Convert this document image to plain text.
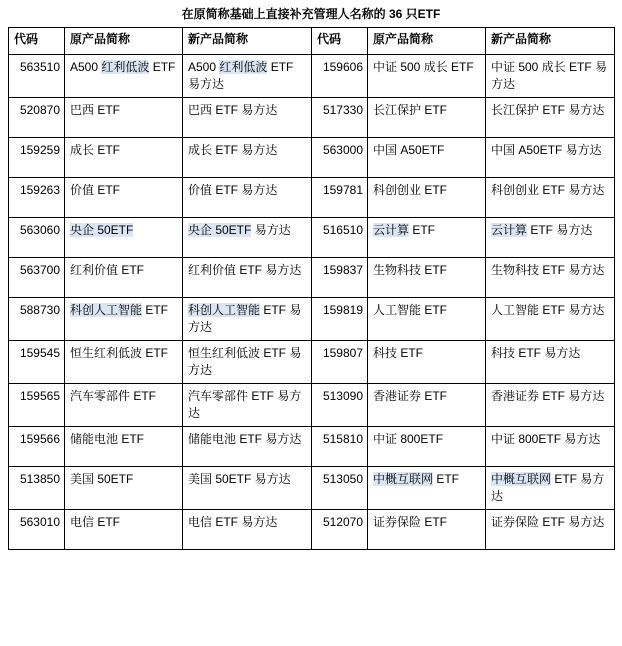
在原简称基础上直接补充管理人名称的 36 只ETF
代码	原产品简称	新产品简称	代码	原产品简称	新产品简称
563510	A500 红利低波 ETF	A500 红利低波 ETF 易方达	159606	中证 500 成长 ETF	中证 500 成长 ETF 易方达
520870	巴西 ETF	巴西 ETF 易方达	517330	长江保护 ETF	长江保护 ETF 易方达
159259	成长 ETF	成长 ETF 易方达	563000	中国 A50ETF	中国 A50ETF 易方达
159263	价值 ETF	价值 ETF 易方达	159781	科创创业 ETF	科创创业 ETF 易方达
563060	央企 50ETF	央企 50ETF 易方达	516510	云计算 ETF	云计算 ETF 易方达
563700	红利价值 ETF	红利价值 ETF 易方达	159837	生物科技 ETF	生物科技 ETF 易方达
588730	科创人工智能 ETF	科创人工智能 ETF 易方达	159819	人工智能 ETF	人工智能 ETF 易方达
159545	恒生红利低波 ETF	恒生红利低波 ETF 易方达	159807	科技 ETF	科技 ETF 易方达
159565	汽车零部件 ETF	汽车零部件 ETF 易方达	513090	香港证券 ETF	香港证券 ETF 易方达
159566	储能电池 ETF	储能电池 ETF 易方达	515810	中证 800ETF	中证 800ETF 易方达
513850	美国 50ETF	美国 50ETF 易方达	513050	中概互联网 ETF	中概互联网 ETF 易方达
563010	电信 ETF	电信 ETF 易方达	512070	证券保险 ETF	证券保险 ETF 易方达
